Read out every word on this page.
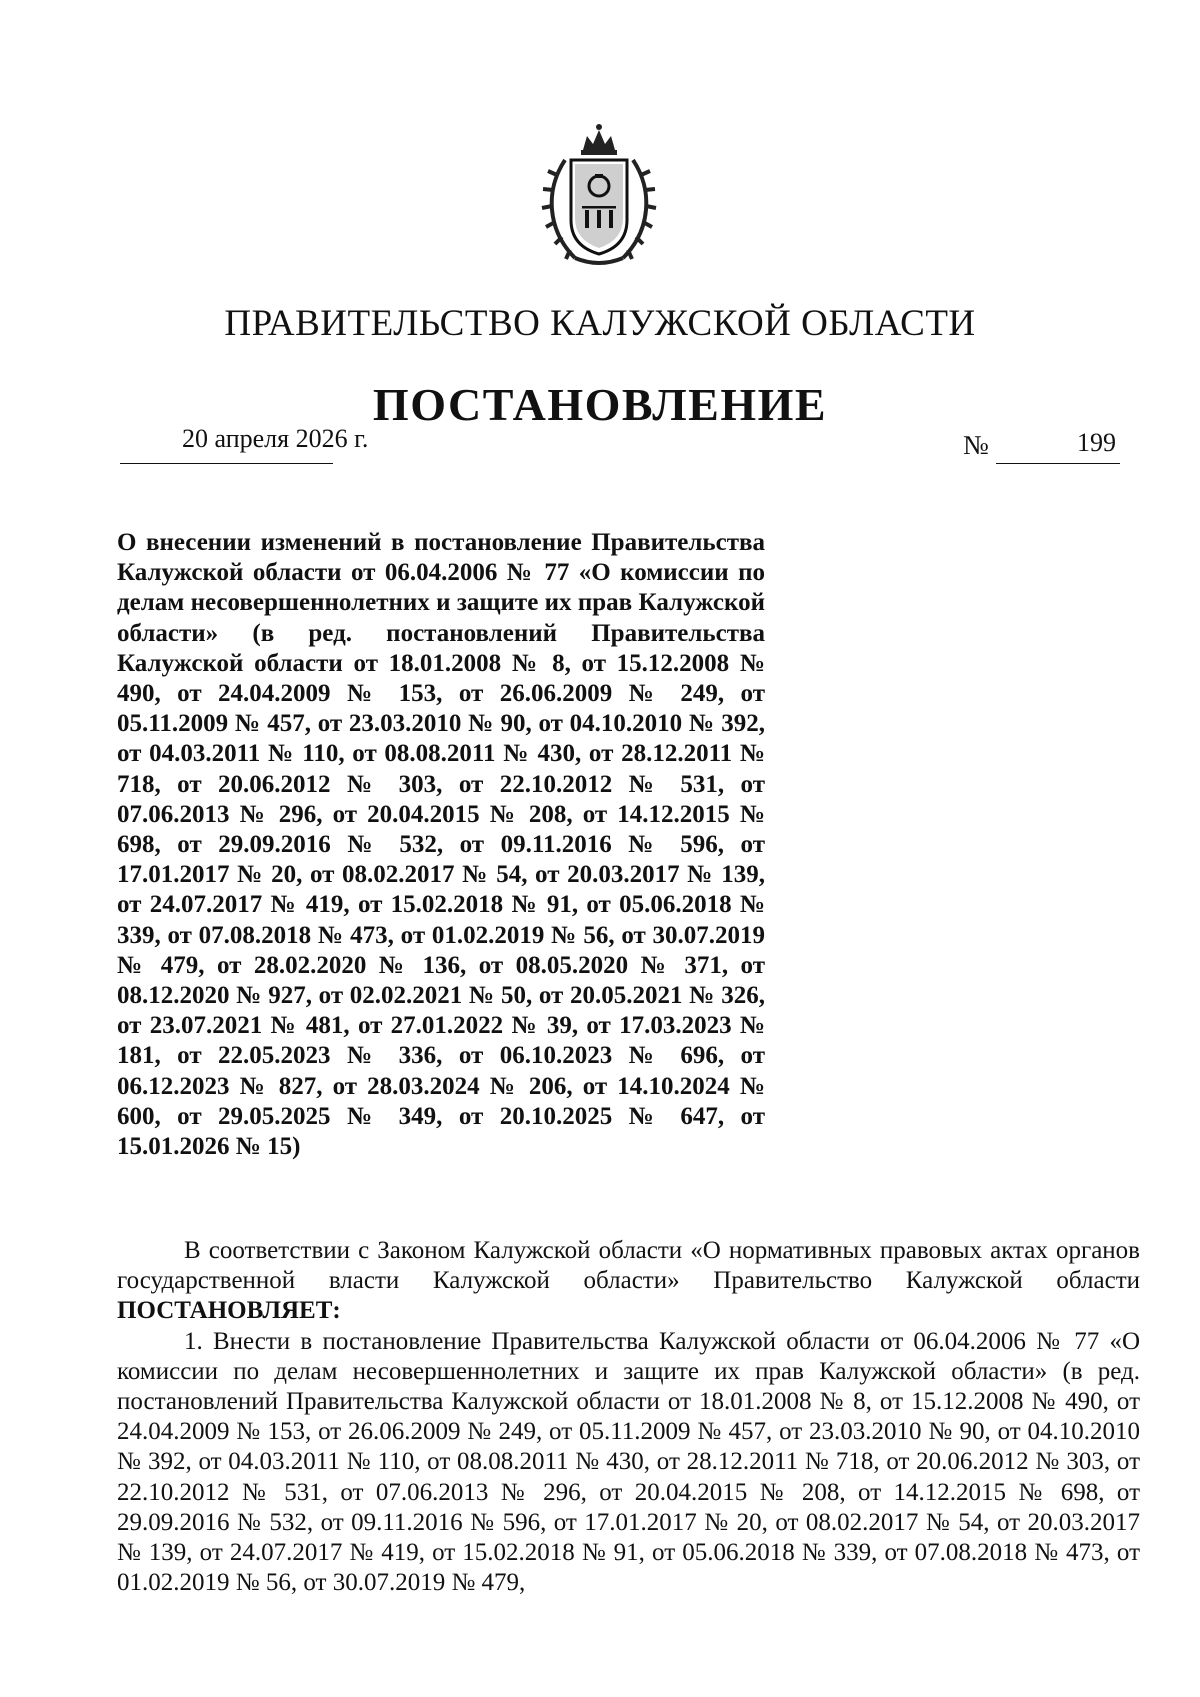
ПРАВИТЕЛЬСТВО КАЛУЖСКОЙ ОБЛАСТИ
ПОСТАНОВЛЕНИЕ
20 апреля 2026 г.	№	199

О внесении изменений в постановление Правительства Калужской области от 06.04.2006 № 77 «О комиссии по делам несовершеннолетних и защите их прав Калужской области» (в ред. постановлений Правительства Калужской области от 18.01.2008 № 8, от 15.12.2008 № 490, от 24.04.2009 № 153, от 26.06.2009 № 249, от 05.11.2009 № 457, от 23.03.2010 № 90, от 04.10.2010 № 392, от 04.03.2011 № 110, от 08.08.2011 № 430, от 28.12.2011 № 718, от 20.06.2012 № 303, от 22.10.2012 № 531, от 07.06.2013 № 296, от 20.04.2015 № 208, от 14.12.2015 № 698, от 29.09.2016 № 532, от 09.11.2016 № 596, от 17.01.2017 № 20, от 08.02.2017 № 54, от 20.03.2017 № 139, от 24.07.2017 № 419, от 15.02.2018 № 91, от 05.06.2018 № 339, от 07.08.2018 № 473, от 01.02.2019 № 56, от 30.07.2019 № 479, от 28.02.2020 № 136, от 08.05.2020 № 371, от 08.12.2020 № 927, от 02.02.2021 № 50, от 20.05.2021 № 326, от 23.07.2021 № 481, от 27.01.2022 № 39, от 17.03.2023 № 181, от 22.05.2023 № 336, от 06.10.2023 № 696, от 06.12.2023 № 827, от 28.03.2024 № 206, от 14.10.2024 № 600, от 29.05.2025 № 349, от 20.10.2025 № 647, от 15.01.2026 № 15)

В соответствии с Законом Калужской области «О нормативных правовых актах органов государственной власти Калужской области» Правительство Калужской области ПОСТАНОВЛЯЕТ:

1. Внести в постановление Правительства Калужской области от 06.04.2006 № 77 «О комиссии по делам несовершеннолетних и защите их прав Калужской области» (в ред. постановлений Правительства Калужской области от 18.01.2008 № 8, от 15.12.2008 № 490, от 24.04.2009 № 153, от 26.06.2009 № 249, от 05.11.2009 № 457, от 23.03.2010 № 90, от 04.10.2010 № 392, от 04.03.2011 № 110, от 08.08.2011 № 430, от 28.12.2011 № 718, от 20.06.2012 № 303, от 22.10.2012 № 531, от 07.06.2013 № 296, от 20.04.2015 № 208, от 14.12.2015 № 698, от 29.09.2016 № 532, от 09.11.2016 № 596, от 17.01.2017 № 20, от 08.02.2017 № 54, от 20.03.2017 № 139, от 24.07.2017 № 419, от 15.02.2018 № 91, от 05.06.2018 № 339, от 07.08.2018 № 473, от 01.02.2019 № 56, от 30.07.2019 № 479,
